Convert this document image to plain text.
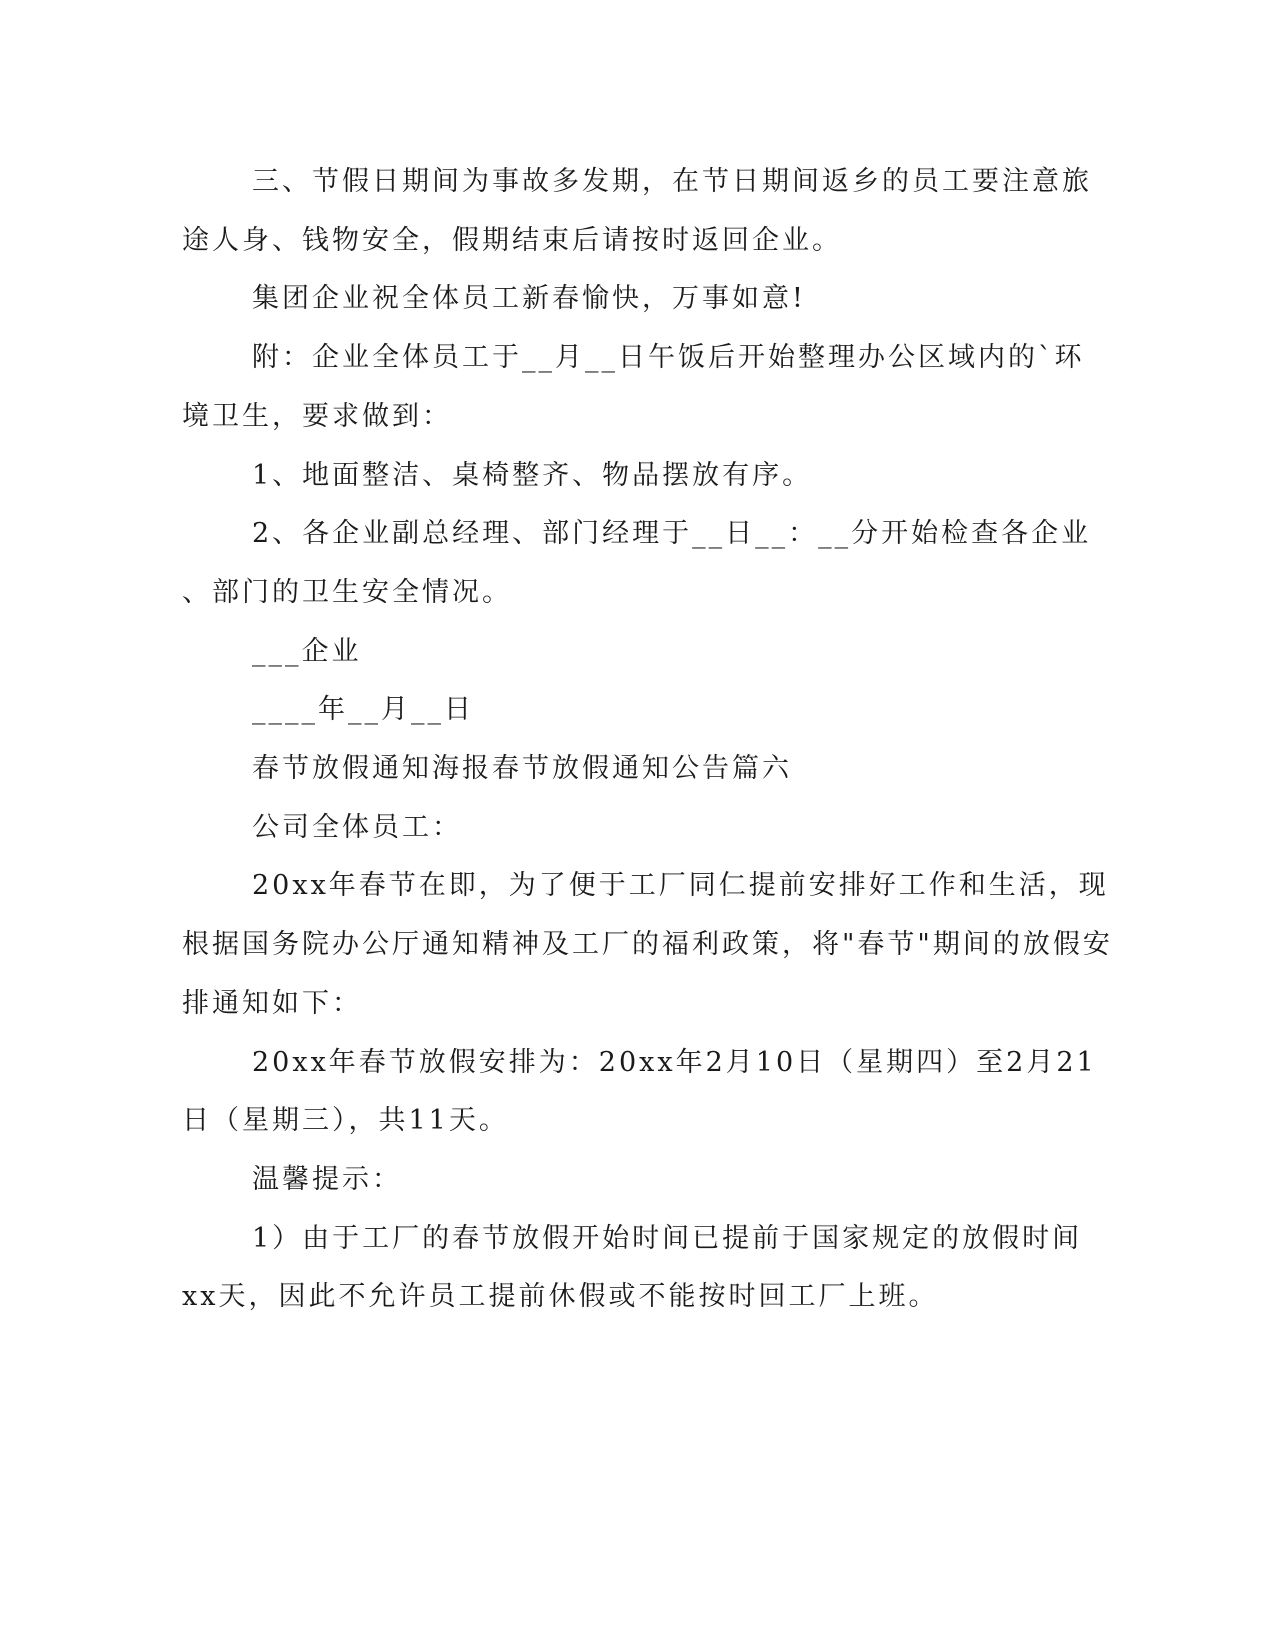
三、节假日期间为事故多发期，在节日期间返乡的员工要注意旅
途人身、钱物安全，假期结束后请按时返回企业。

集团企业祝全体员工新春愉快，万事如意!

附：企业全体员工于__月__日午饭后开始整理办公区域内的`环
境卫生，要求做到：

1、地面整洁、桌椅整齐、物品摆放有序。

2、各企业副总经理、部门经理于__日__：__分开始检查各企业
、部门的卫生安全情况。

___企业

____年__月__日

春节放假通知海报春节放假通知公告篇六

公司全体员工：

20xx年春节在即，为了便于工厂同仁提前安排好工作和生活，现
根据国务院办公厅通知精神及工厂的福利政策，将"春节"期间的放假安
排通知如下：

20xx年春节放假安排为：20xx年2月10日（星期四）至2月21
日（星期三），共11天。

温馨提示：

1）由于工厂的春节放假开始时间已提前于国家规定的放假时间
xx天，因此不允许员工提前休假或不能按时回工厂上班。
